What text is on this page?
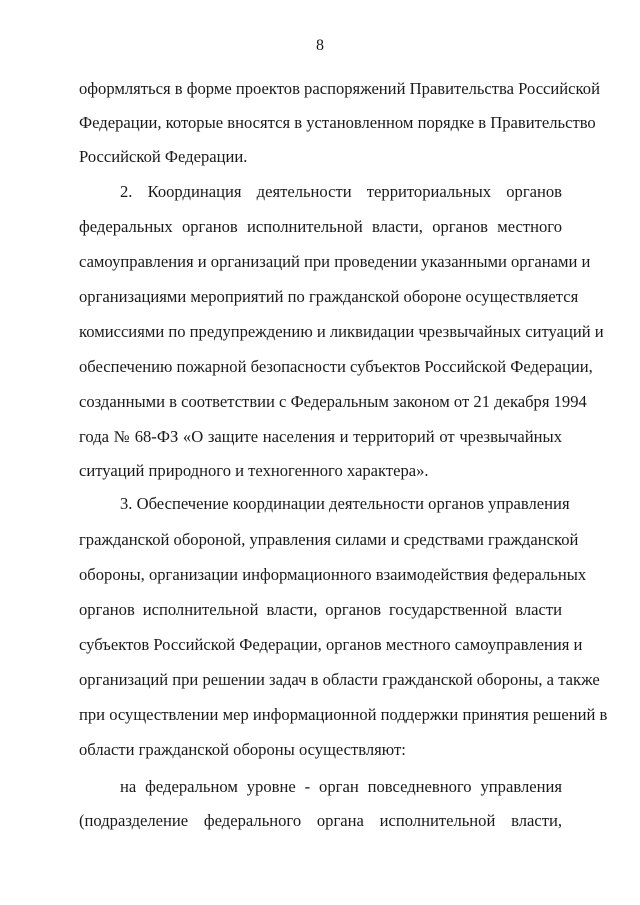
8
оформляться в форме проектов распоряжений Правительства Российской
Федерации, которые вносятся в установленном порядке в Правительство
Российской Федерации.
2. Координация деятельности территориальных органов
федеральных органов исполнительной власти, органов местного
самоуправления и организаций при проведении указанными органами и
организациями мероприятий по гражданской обороне осуществляется
комиссиями по предупреждению и ликвидации чрезвычайных ситуаций и
обеспечению пожарной безопасности субъектов Российской Федерации,
созданными в соответствии с Федеральным законом от 21 декабря 1994
года № 68-ФЗ «О защите населения и территорий от чрезвычайных
ситуаций природного и техногенного характера».
3. Обеспечение координации деятельности органов управления
гражданской обороной, управления силами и средствами гражданской
обороны, организации информационного взаимодействия федеральных
органов исполнительной власти, органов государственной власти
субъектов Российской Федерации, органов местного самоуправления и
организаций при решении задач в области гражданской обороны, а также
при осуществлении мер информационной поддержки принятия решений в
области гражданской обороны осуществляют:
на федеральном уровне - орган повседневного управления
(подразделение федерального органа исполнительной власти,
